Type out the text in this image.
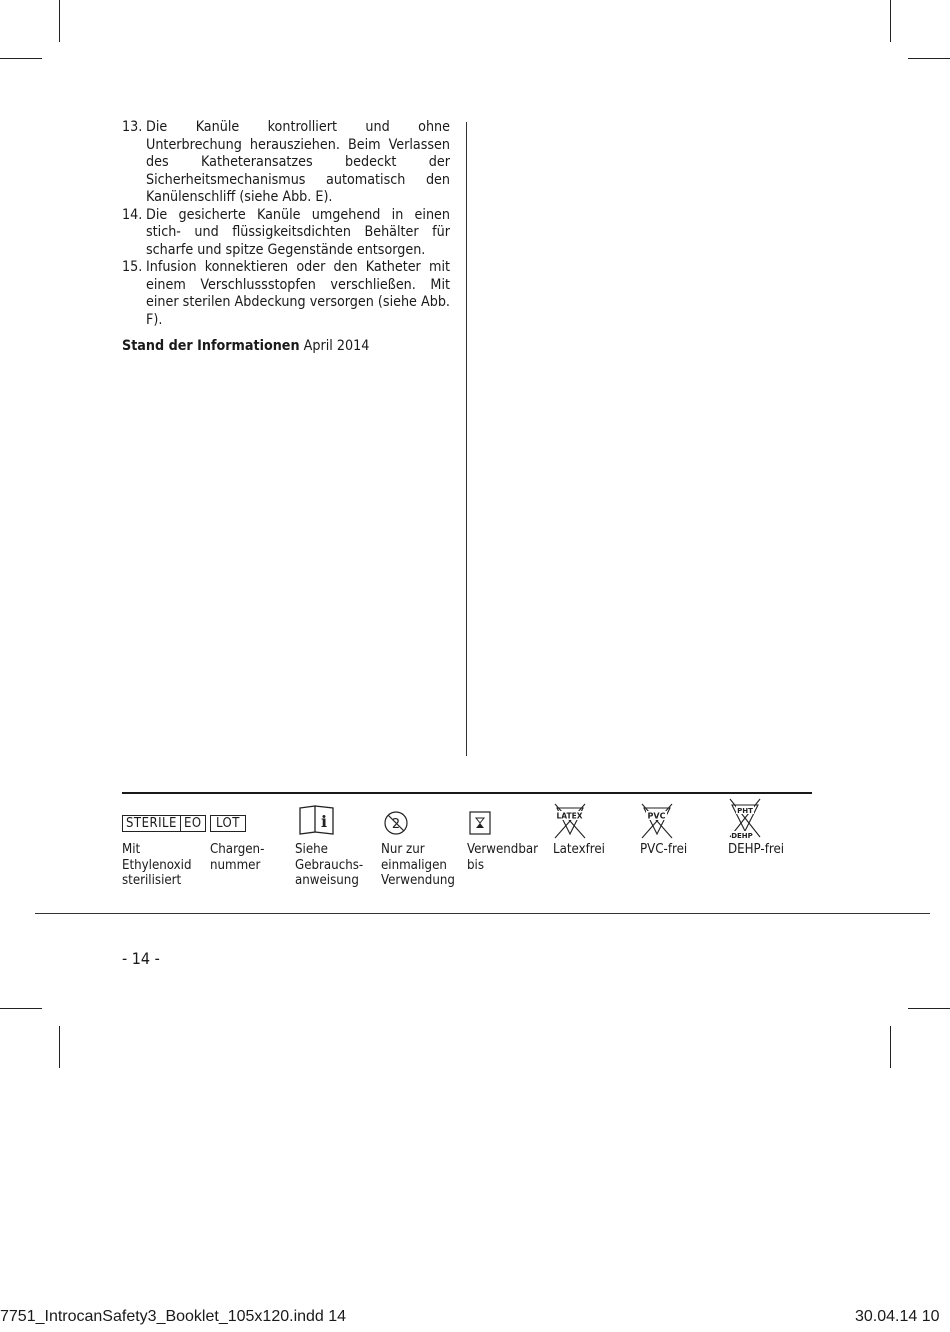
13. Die Kanüle kontrolliert und ohne Unterbrechung herausziehen. Beim Verlassen des Katheteransatzes bedeckt der Sicherheitsmechanismus automatisch den Kanülenschliff (siehe Abb. E).
14. Die gesicherte Kanüle umgehend in einen stich- und flüssigkeitsdichten Behälter für scharfe und spitze Gegenstände entsorgen.
15. Infusion konnektieren oder den Katheter mit einem Verschlussstopfen verschließen. Mit einer sterilen Abdeckung versorgen (siehe Abb. F).
Stand der Informationen April 2014
STERILE EO
Mit
Ethylenoxid
sterilisiert
LOT
Chargen-
nummer
i
Siehe
Gebrauchs-
anweisung
2
Nur zur
einmaligen
Verwendung
Verwendbar
bis
LATEX
Latexfrei
PVC
PVC-frei
PHT
DEHP
DEHP-frei
- 14 -
7751_IntrocanSafety3_Booklet_105x120.indd 14	30.04.14 10
